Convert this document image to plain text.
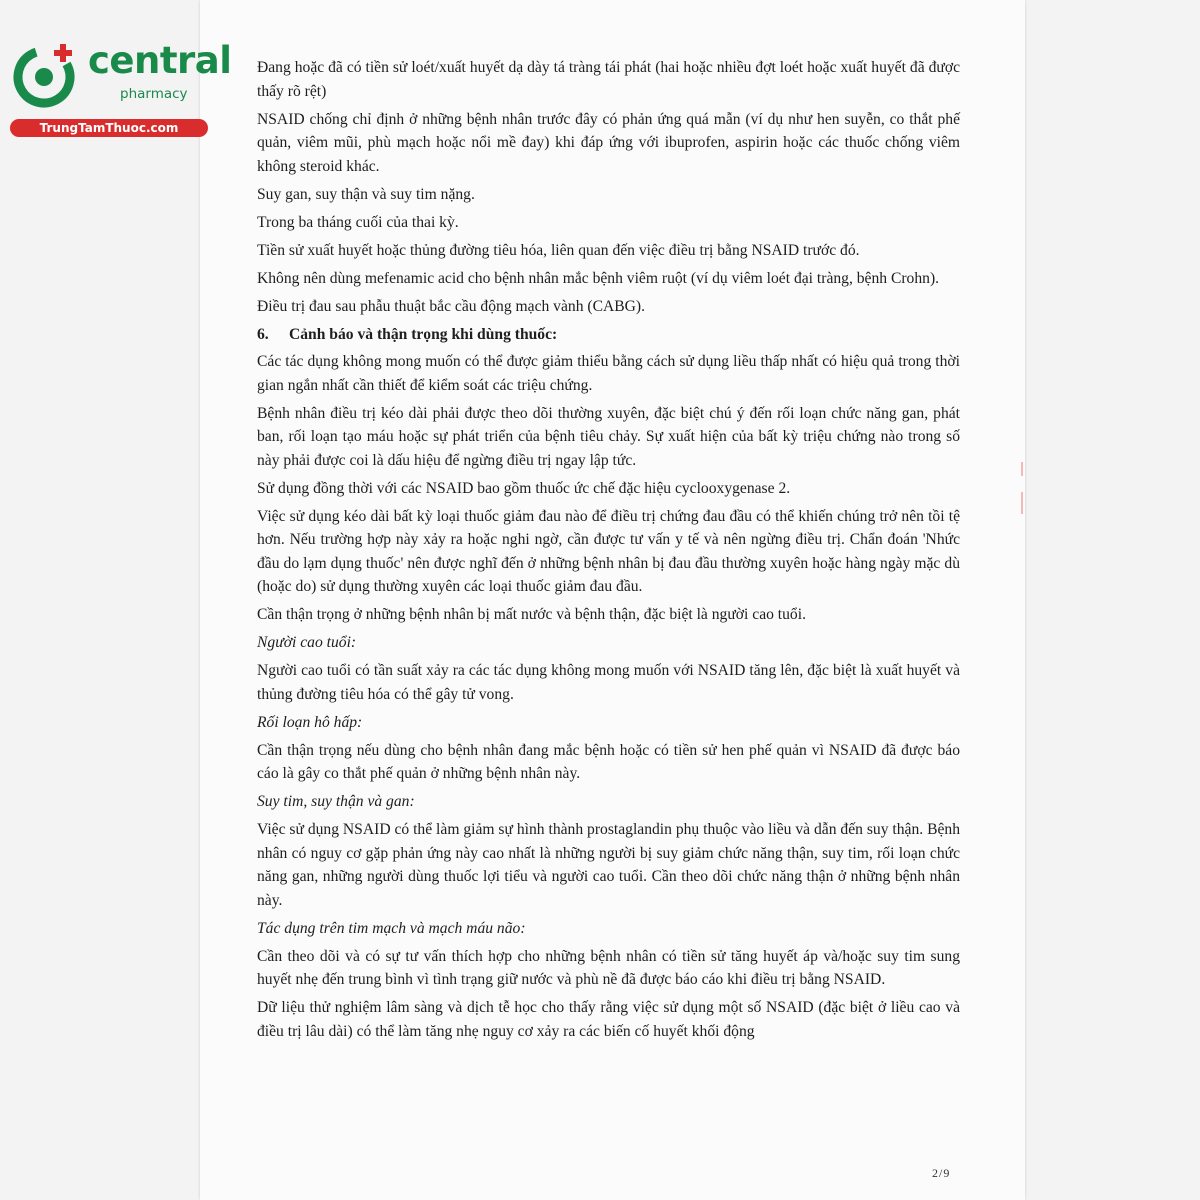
central
pharmacy
TrungTamThuoc.com

Đang hoặc đã có tiền sử loét/xuất huyết dạ dày tá tràng tái phát (hai hoặc nhiều đợt loét hoặc xuất huyết đã được thấy rõ rệt)

NSAID chống chỉ định ở những bệnh nhân trước đây có phản ứng quá mẫn (ví dụ như hen suyễn, co thắt phế quản, viêm mũi, phù mạch hoặc nổi mề đay) khi đáp ứng với ibuprofen, aspirin hoặc các thuốc chống viêm không steroid khác.

Suy gan, suy thận và suy tim nặng.

Trong ba tháng cuối của thai kỳ.

Tiền sử xuất huyết hoặc thủng đường tiêu hóa, liên quan đến việc điều trị bằng NSAID trước đó.

Không nên dùng mefenamic acid cho bệnh nhân mắc bệnh viêm ruột (ví dụ viêm loét đại tràng, bệnh Crohn).

Điều trị đau sau phẫu thuật bắc cầu động mạch vành (CABG).

6. Cảnh báo và thận trọng khi dùng thuốc:

Các tác dụng không mong muốn có thể được giảm thiểu bằng cách sử dụng liều thấp nhất có hiệu quả trong thời gian ngắn nhất cần thiết để kiểm soát các triệu chứng.

Bệnh nhân điều trị kéo dài phải được theo dõi thường xuyên, đặc biệt chú ý đến rối loạn chức năng gan, phát ban, rối loạn tạo máu hoặc sự phát triển của bệnh tiêu chảy. Sự xuất hiện của bất kỳ triệu chứng nào trong số này phải được coi là dấu hiệu để ngừng điều trị ngay lập tức.

Sử dụng đồng thời với các NSAID bao gồm thuốc ức chế đặc hiệu cyclooxygenase 2.

Việc sử dụng kéo dài bất kỳ loại thuốc giảm đau nào để điều trị chứng đau đầu có thể khiến chúng trở nên tồi tệ hơn. Nếu trường hợp này xảy ra hoặc nghi ngờ, cần được tư vấn y tế và nên ngừng điều trị. Chẩn đoán 'Nhức đầu do lạm dụng thuốc' nên được nghĩ đến ở những bệnh nhân bị đau đầu thường xuyên hoặc hàng ngày mặc dù (hoặc do) sử dụng thường xuyên các loại thuốc giảm đau đầu.

Cần thận trọng ở những bệnh nhân bị mất nước và bệnh thận, đặc biệt là người cao tuổi.

Người cao tuổi:

Người cao tuổi có tần suất xảy ra các tác dụng không mong muốn với NSAID tăng lên, đặc biệt là xuất huyết và thủng đường tiêu hóa có thể gây tử vong.

Rối loạn hô hấp:

Cần thận trọng nếu dùng cho bệnh nhân đang mắc bệnh hoặc có tiền sử hen phế quản vì NSAID đã được báo cáo là gây co thắt phế quản ở những bệnh nhân này.

Suy tim, suy thận và gan:

Việc sử dụng NSAID có thể làm giảm sự hình thành prostaglandin phụ thuộc vào liều và dẫn đến suy thận. Bệnh nhân có nguy cơ gặp phản ứng này cao nhất là những người bị suy giảm chức năng thận, suy tim, rối loạn chức năng gan, những người dùng thuốc lợi tiểu và người cao tuổi. Cần theo dõi chức năng thận ở những bệnh nhân này.

Tác dụng trên tim mạch và mạch máu não:

Cần theo dõi và có sự tư vấn thích hợp cho những bệnh nhân có tiền sử tăng huyết áp và/hoặc suy tim sung huyết nhẹ đến trung bình vì tình trạng giữ nước và phù nề đã được báo cáo khi điều trị bằng NSAID.

Dữ liệu thử nghiệm lâm sàng và dịch tễ học cho thấy rằng việc sử dụng một số NSAID (đặc biệt ở liều cao và điều trị lâu dài) có thể làm tăng nhẹ nguy cơ xảy ra các biến cố huyết khối động

2/9
